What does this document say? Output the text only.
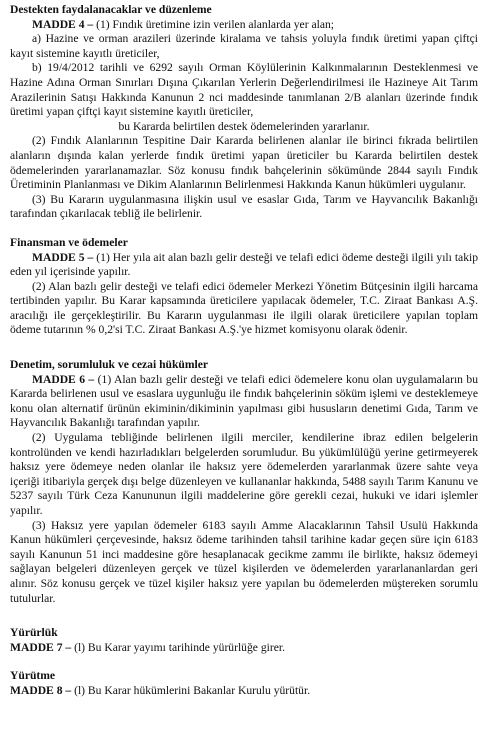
Destekten faydalanacaklar ve düzenleme

MADDE 4 – (1) Fındık üretimine izin verilen alanlarda yer alan;

a) Hazine ve orman arazileri üzerinde kiralama ve tahsis yoluyla fındık üretimi yapan çiftçi kayıt sistemine kayıtlı üreticiler,

b) 19/4/2012 tarihli ve 6292 sayılı Orman Köylülerinin Kalkınmalarının Desteklenmesi ve Hazine Adına Orman Sınırları Dışına Çıkarılan Yerlerin Değerlendirilmesi ile Hazineye Ait Tarım Arazilerinin Satışı Hakkında Kanunun 2 nci maddesinde tanımlanan 2/B alanları üzerinde fındık üretimi yapan çiftçi kayıt sistemine kayıtlı üreticiler,

bu Kararda belirtilen destek ödemelerinden yararlanır.

(2) Fındık Alanlarının Tespitine Dair Kararda belirlenen alanlar ile birinci fıkrada belirtilen alanların dışında kalan yerlerde fındık üretimi yapan üreticiler bu Kararda belirtilen destek ödemelerinden yararlanamazlar. Söz konusu fındık bahçelerinin sökümünde 2844 sayılı Fındık Üretiminin Planlanması ve Dikim Alanlarının Belirlenmesi Hakkında Kanun hükümleri uygulanır.

(3) Bu Kararın uygulanmasına ilişkin usul ve esaslar Gıda, Tarım ve Hayvancılık Bakanlığı tarafından çıkarılacak tebliğ ile belirlenir.

Finansman ve ödemeler

MADDE 5 – (1) Her yıla ait alan bazlı gelir desteği ve telafi edici ödeme desteği ilgili yılı takip eden yıl içerisinde yapılır.

(2) Alan bazlı gelir desteği ve telafi edici ödemeler Merkezi Yönetim Bütçesinin ilgili harcama tertibinden yapılır. Bu Karar kapsamında üreticilere yapılacak ödemeler, T.C. Ziraat Bankası A.Ş. aracılığı ile gerçekleştirilir. Bu Kararın uygulanması ile ilgili olarak üreticilere yapılan toplam ödeme tutarının % 0,2'si T.C. Ziraat Bankası A.Ş.'ye hizmet komisyonu olarak ödenir.

Denetim, sorumluluk ve cezai hükümler

MADDE 6 – (1) Alan bazlı gelir desteği ve telafi edici ödemelere konu olan uygulamaların bu Kararda belirlenen usul ve esaslara uygunluğu ile fındık bahçelerinin söküm işlemi ve desteklemeye konu olan alternatif ürünün ekiminin/dikiminin yapılması gibi hususların denetimi Gıda, Tarım ve Hayvancılık Bakanlığı tarafından yapılır.

(2) Uygulama tebliğinde belirlenen ilgili merciler, kendilerine ibraz edilen belgelerin kontrolünden ve kendi hazırladıkları belgelerden sorumludur. Bu yükümlülüğü yerine getirmeyerek haksız yere ödemeye neden olanlar ile haksız yere ödemelerden yararlanmak üzere sahte veya içeriği itibariyla gerçek dışı belge düzenleyen ve kullananlar hakkında, 5488 sayılı Tarım Kanunu ve 5237 sayılı Türk Ceza Kanununun ilgili maddelerine göre gerekli cezai, hukuki ve idari işlemler yapılır.

(3) Haksız yere yapılan ödemeler 6183 sayılı Amme Alacaklarının Tahsil Usulü Hakkında Kanun hükümleri çerçevesinde, haksız ödeme tarihinden tahsil tarihine kadar geçen süre için 6183 sayılı Kanunun 51 inci maddesine göre hesaplanacak gecikme zammı ile birlikte, haksız ödemeyi sağlayan belgeleri düzenleyen gerçek ve tüzel kişilerden ve ödemelerden yararlananlardan geri alınır. Söz konusu gerçek ve tüzel kişiler haksız yere yapılan bu ödemelerden müştereken sorumlu tutulurlar.

Yürürlük

MADDE 7 – (l) Bu Karar yayımı tarihinde yürürlüğe girer.

Yürütme

MADDE 8 – (l) Bu Karar hükümlerini Bakanlar Kurulu yürütür.
